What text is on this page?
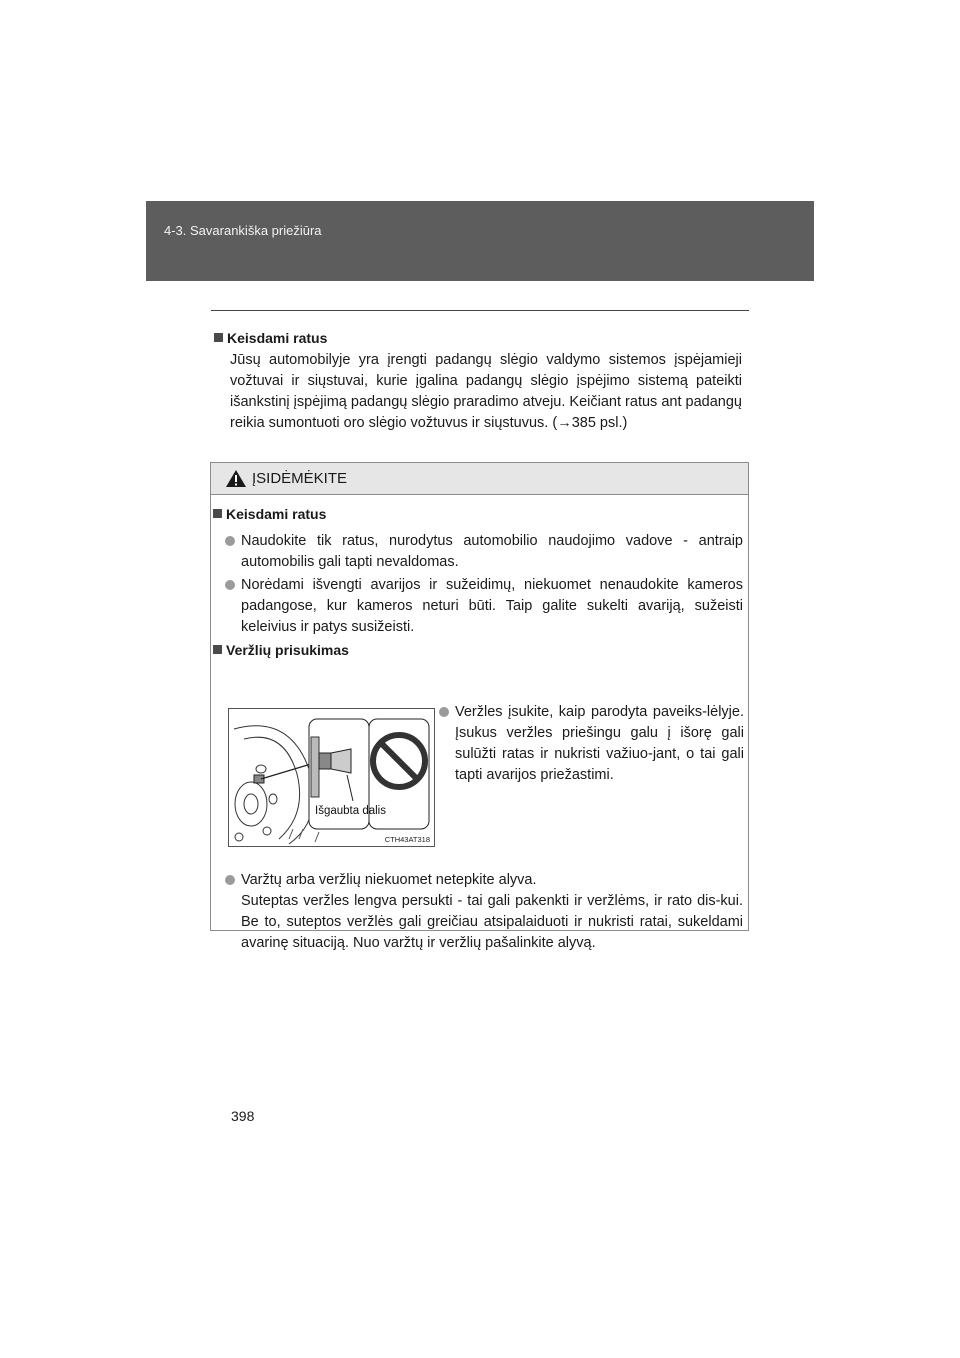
4-3. Savarankiška priežiūra
Keisdami ratus
Jūsų automobilyje yra įrengti padangų slėgio valdymo sistemos įspėjamieji vožtuvai ir siųstuvai, kurie įgalina padangų slėgio įspėjimo sistemą pateikti išankstinį įspėjimą padangų slėgio praradimo atveju. Keičiant ratus ant padangų reikia sumontuoti oro slėgio vožtuvus ir siųstuvus. (→385 psl.)
ĮSIDĖMĖKITE
Keisdami ratus
Naudokite tik ratus, nurodytus automobilio naudojimo vadove - antraip automobilis gali tapti nevaldomas.
Norėdami išvengti avarijos ir sužeidimų, niekuomet nenaudokite kameros padangose, kur kameros neturi būti. Taip galite sukelti avariją, sužeisti keleivius ir patys susižeisti.
Veržlių prisukimas
Išgaubta dalis
CTH43AT318
Veržles įsukite, kaip parodyta paveiks-lėlyje. Įsukus veržles priešingu galu į išorę gali sulūžti ratas ir nukristi važiuo-jant, o tai gali tapti avarijos priežastimi.
Varžtų arba veržlių niekuomet netepkite alyva.
Suteptas veržles lengva persukti - tai gali pakenkti ir veržlėms, ir rato dis-kui. Be to, suteptos veržlės gali greičiau atsipalaiduoti ir nukristi ratai, sukeldami avarinę situaciją. Nuo varžtų ir veržlių pašalinkite alyvą.
398
